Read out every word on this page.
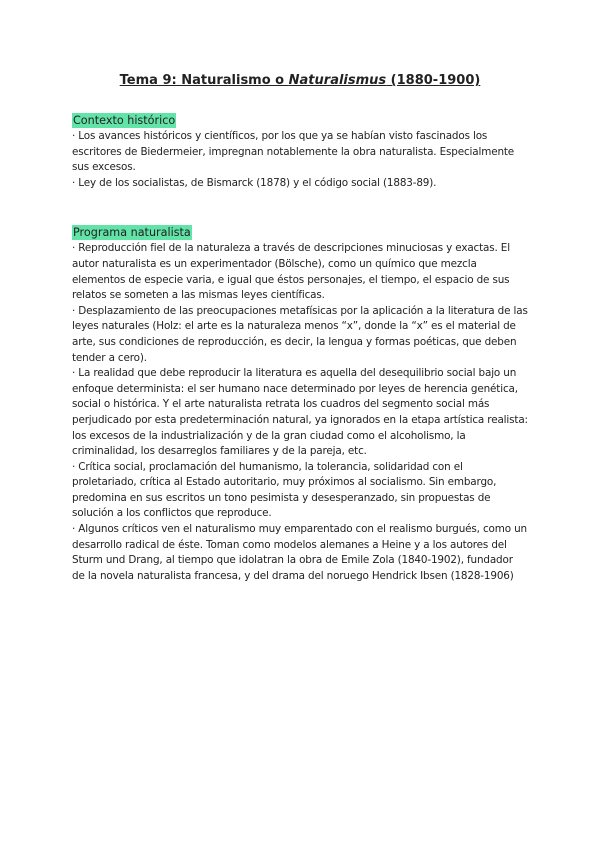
Tema 9: Naturalismo o Naturalismus (1880-1900)
Contexto histórico

· Los avances históricos y científicos, por los que ya se habían visto fascinados los escritores de Biedermeier, impregnan notablemente la obra naturalista. Especialmente sus excesos.

· Ley de los socialistas, de Bismarck (1878) y el código social (1883-89).

Programa naturalista

· Reproducción fiel de la naturaleza a través de descripciones minuciosas y exactas. El autor naturalista es un experimentador (Bölsche), como un químico que mezcla elementos de especie varia, e igual que éstos personajes, el tiempo, el espacio de sus relatos se someten a las mismas leyes científicas.

· Desplazamiento de las preocupaciones metafísicas por la aplicación a la literatura de las leyes naturales (Holz: el arte es la naturaleza menos “x”, donde la “x” es el material de arte, sus condiciones de reproducción, es decir, la lengua y formas poéticas, que deben tender a cero).

· La realidad que debe reproducir la literatura es aquella del desequilibrio social bajo un enfoque determinista: el ser humano nace determinado por leyes de herencia genética, social o histórica. Y el arte naturalista retrata los cuadros del segmento social más perjudicado por esta predeterminación natural, ya ignorados en la etapa artística realista: los excesos de la industrialización y de la gran ciudad como el alcoholismo, la criminalidad, los desarreglos familiares y de la pareja, etc.

· Crítica social, proclamación del humanismo, la tolerancia, solidaridad con el proletariado, crítica al Estado autoritario, muy próximos al socialismo. Sin embargo, predomina en sus escritos un tono pesimista y desesperanzado, sin propuestas de solución a los conflictos que reproduce.

· Algunos críticos ven el naturalismo muy emparentado con el realismo burgués, como un desarrollo radical de éste. Toman como modelos alemanes a Heine y a los autores del Sturm und Drang, al tiempo que idolatran la obra de Emile Zola (1840-1902), fundador de la novela naturalista francesa, y del drama del noruego Hendrick Ibsen (1828-1906)
